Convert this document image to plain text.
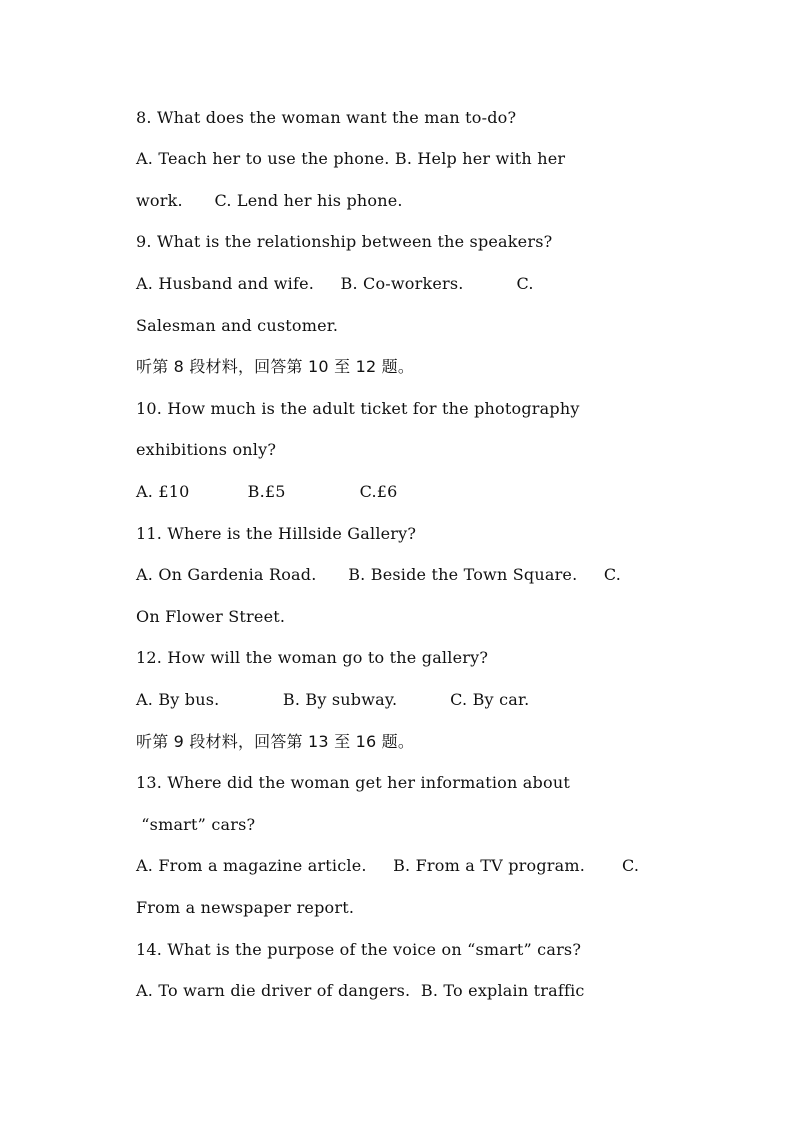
8. What does the woman want the man to-do?
A. Teach her to use the phone. B. Help her with her
work.      C. Lend her his phone.
9. What is the relationship between the speakers?
A. Husband and wife.     B. Co-workers.          C.
Salesman and customer.
听第 8 段材料，回答第 10 至 12 题。
10. How much is the adult ticket for the photography
exhibitions only?
A. £10           B.£5              C.£6
11. Where is the Hillside Gallery?
A. On Gardenia Road.      B. Beside the Town Square.     C.
On Flower Street.
12. How will the woman go to the gallery?
A. By bus.            B. By subway.          C. By car.
听第 9 段材料，回答第 13 至 16 题。
13. Where did the woman get her information about
“smart” cars?
A. From a magazine article.     B. From a TV program.       C.
From a newspaper report.
14. What is the purpose of the voice on “smart” cars?
A. To warn die driver of dangers.  B. To explain traffic
